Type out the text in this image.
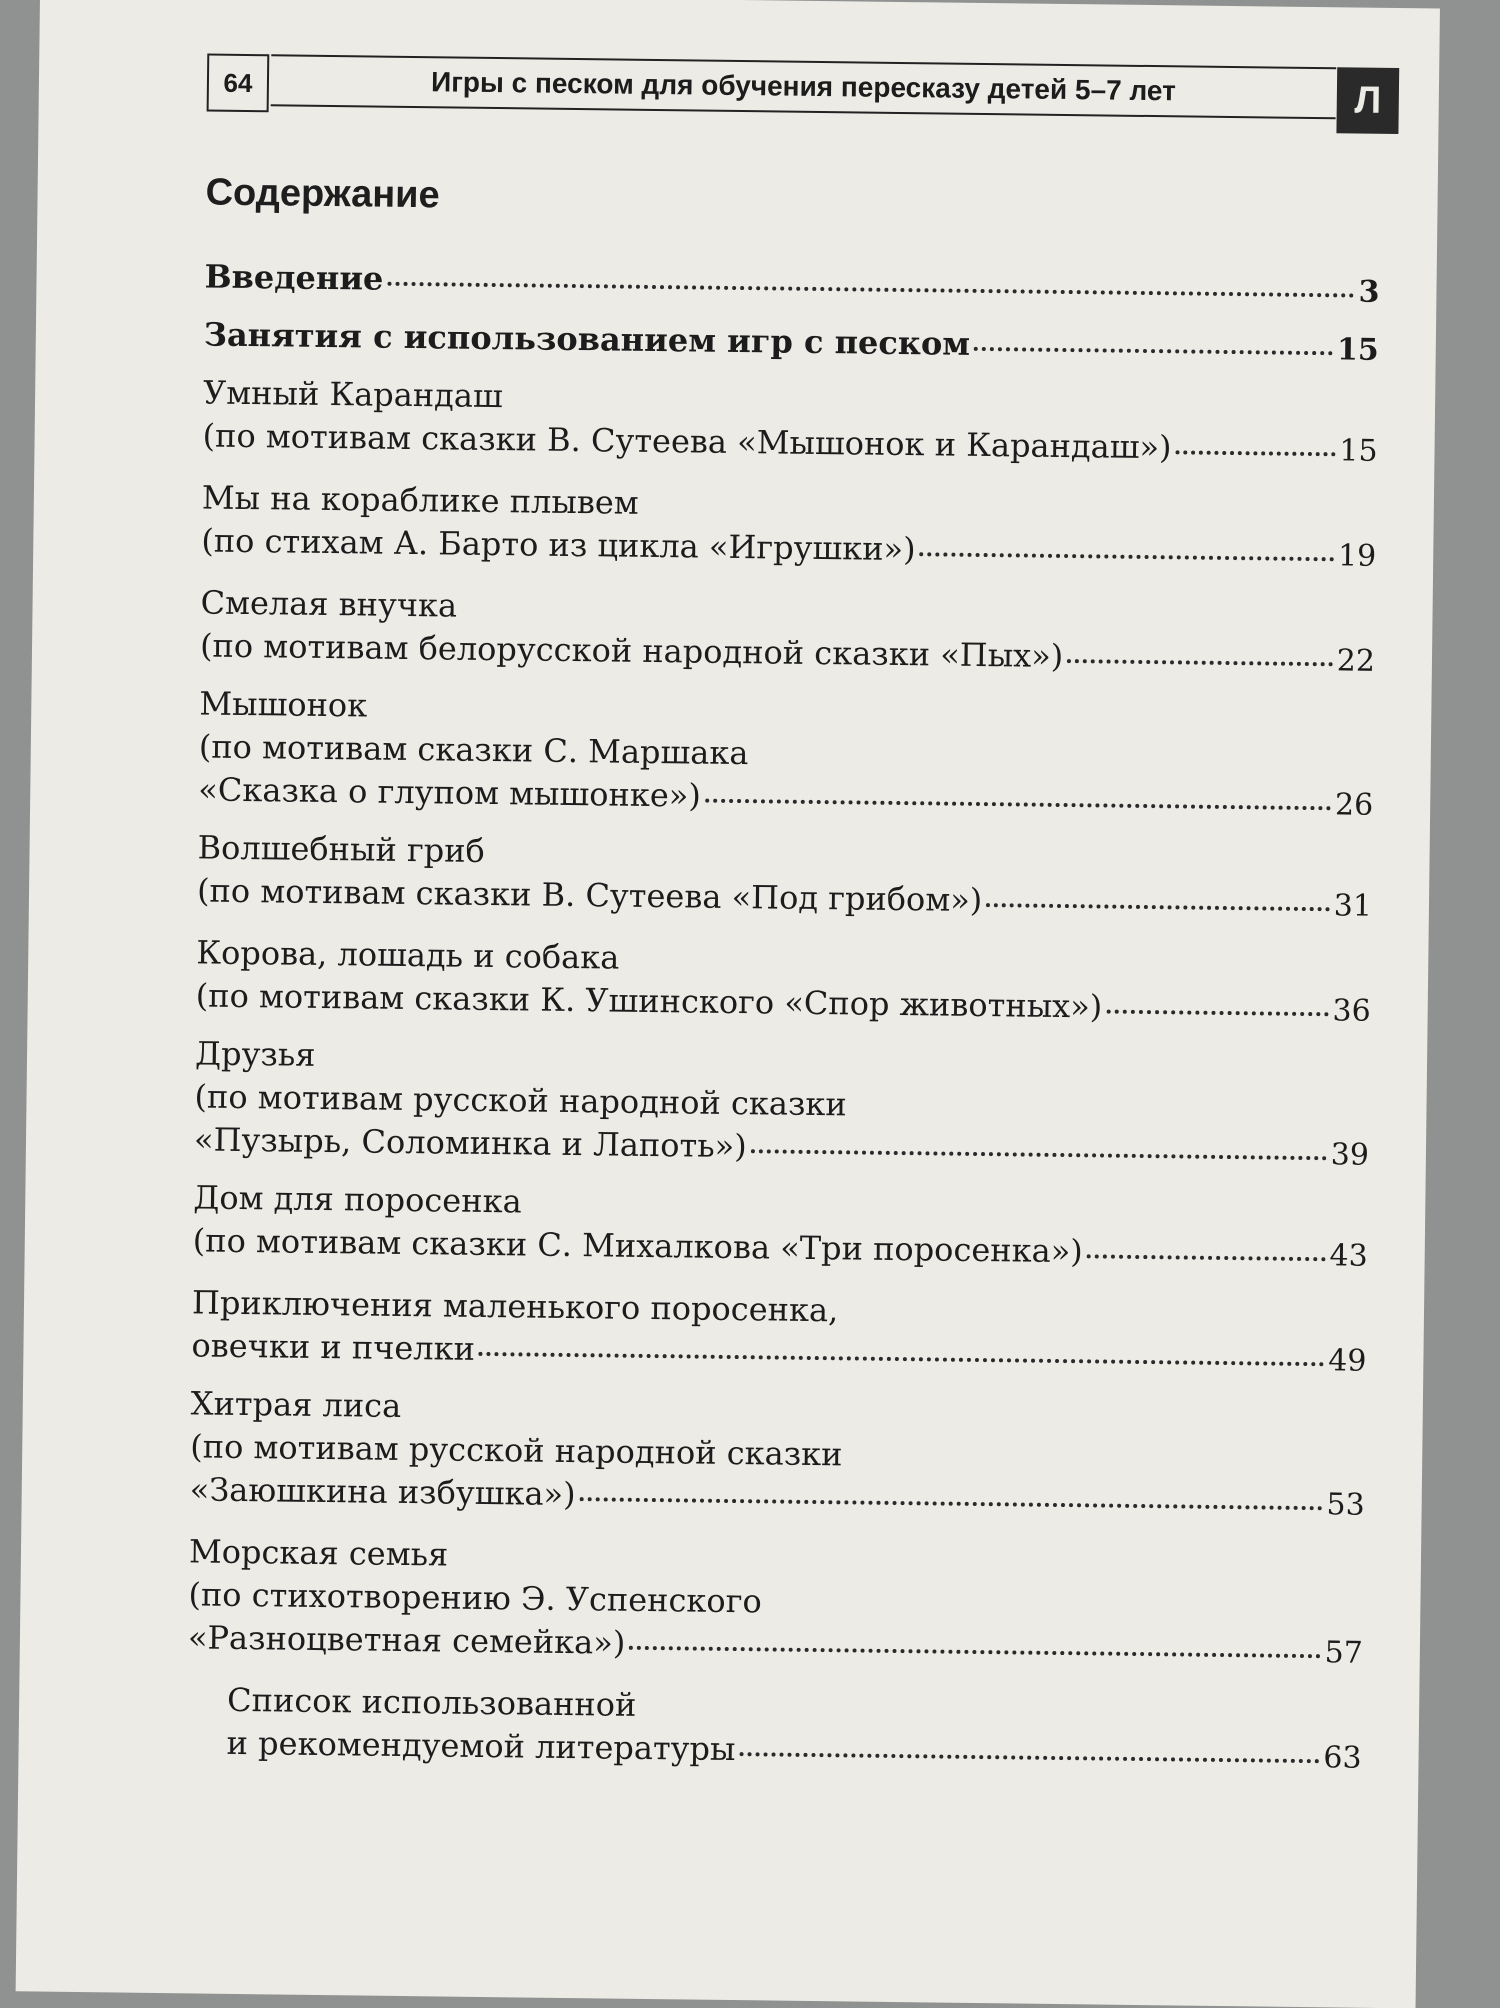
64	Игры с песком для обучения пересказу детей 5–7 лет	Л
Содержание
Введение	3
Занятия с использованием игр с песком	15
Умный Карандаш
(по мотивам сказки В. Сутеева «Мышонок и Карандаш»)	15
Мы на кораблике плывем
(по стихам А. Барто из цикла «Игрушки»)	19
Смелая внучка
(по мотивам белорусской народной сказки «Пых»)	22
Мышонок
(по мотивам сказки С. Маршака
«Сказка о глупом мышонке»)	26
Волшебный гриб
(по мотивам сказки В. Сутеева «Под грибом»)	31
Корова, лошадь и собака
(по мотивам сказки К. Ушинского «Спор животных»)	36
Друзья
(по мотивам русской народной сказки
«Пузырь, Соломинка и Лапоть»)	39
Дом для поросенка
(по мотивам сказки С. Михалкова «Три поросенка»)	43
Приключения маленького поросенка,
овечки и пчелки	49
Хитрая лиса
(по мотивам русской народной сказки
«Заюшкина избушка»)	53
Морская семья
(по стихотворению Э. Успенского
«Разноцветная семейка»)	57
Список использованной
и рекомендуемой литературы	63
